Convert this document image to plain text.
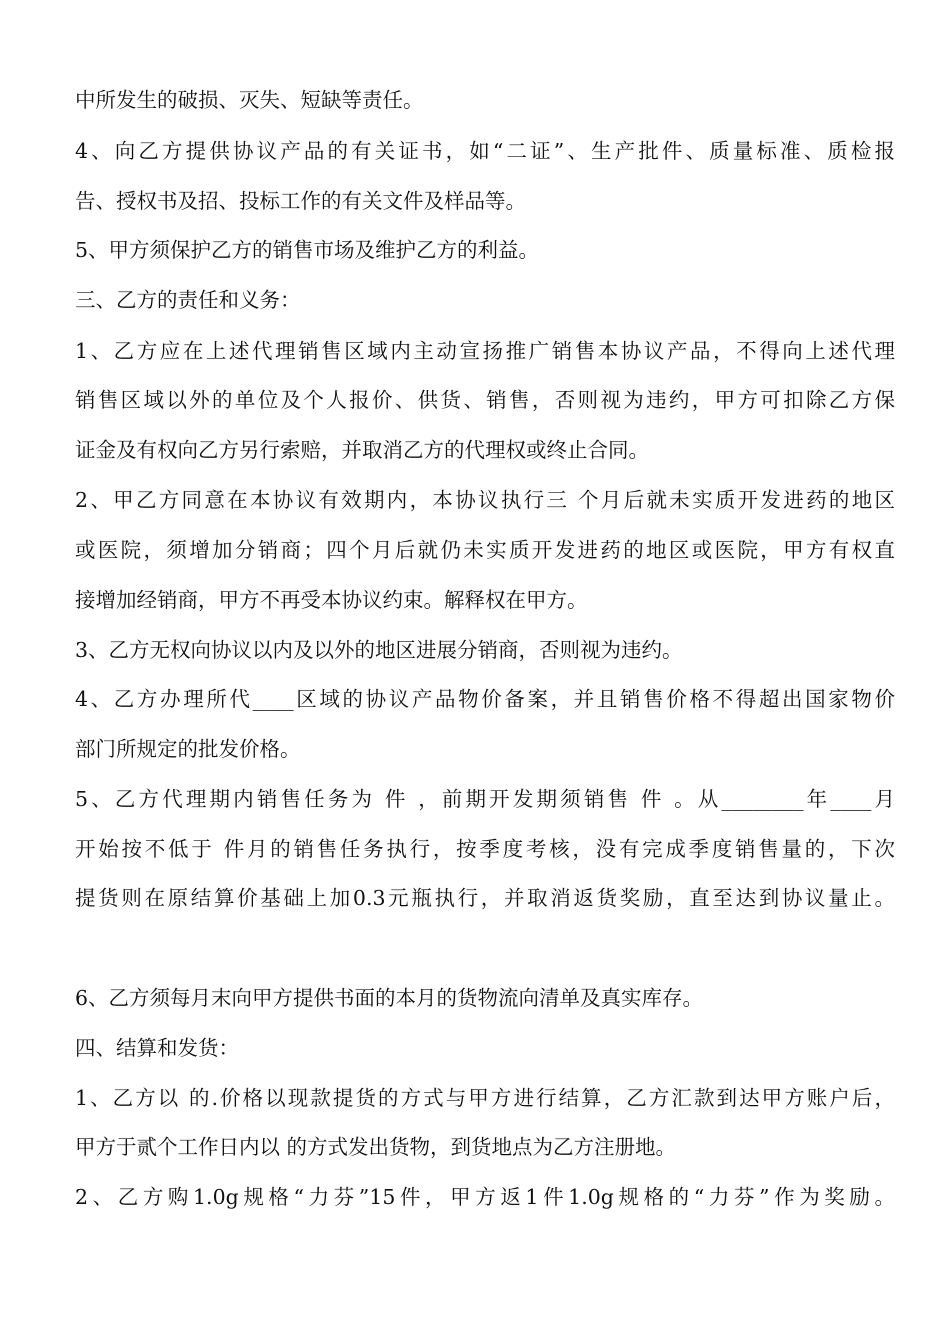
中所发生的破损、灭失、短缺等责任。
4、向乙方提供协议产品的有关证书，如“二证”、生产批件、质量标准、质检报
告、授权书及招、投标工作的有关文件及样品等。
5、甲方须保护乙方的销售市场及维护乙方的利益。
三、乙方的责任和义务：
1、乙方应在上述代理销售区域内主动宣扬推广销售本协议产品，不得向上述代理
销售区域以外的单位及个人报价、供货、销售，否则视为违约，甲方可扣除乙方保
证金及有权向乙方另行索赔，并取消乙方的代理权或终止合同。
2、甲乙方同意在本协议有效期内，本协议执行三 个月后就未实质开发进药的地区
或医院，须增加分销商；四个月后就仍未实质开发进药的地区或医院，甲方有权直
接增加经销商，甲方不再受本协议约束。解释权在甲方。
3、乙方无权向协议以内及以外的地区进展分销商，否则视为违约。
4、乙方办理所代____区域的协议产品物价备案，并且销售价格不得超出国家物价
部门所规定的批发价格。
5、乙方代理期内销售任务为 件 ，前期开发期须销售 件 。从________年____月
开始按不低于 件月的销售任务执行，按季度考核，没有完成季度销售量的，下次
提货则在原结算价基础上加0.3元瓶执行，并取消返货奖励，直至达到协议量止。
6、乙方须每月末向甲方提供书面的本月的货物流向清单及真实库存。
四、结算和发货：
1、乙方以 的.价格以现款提货的方式与甲方进行结算，乙方汇款到达甲方账户后，
甲方于贰个工作日内以 的方式发出货物，到货地点为乙方注册地。
2、乙方购1.0g规格“力芬”15件，甲方返1件1.0g规格的“力芬”作为奖励。
